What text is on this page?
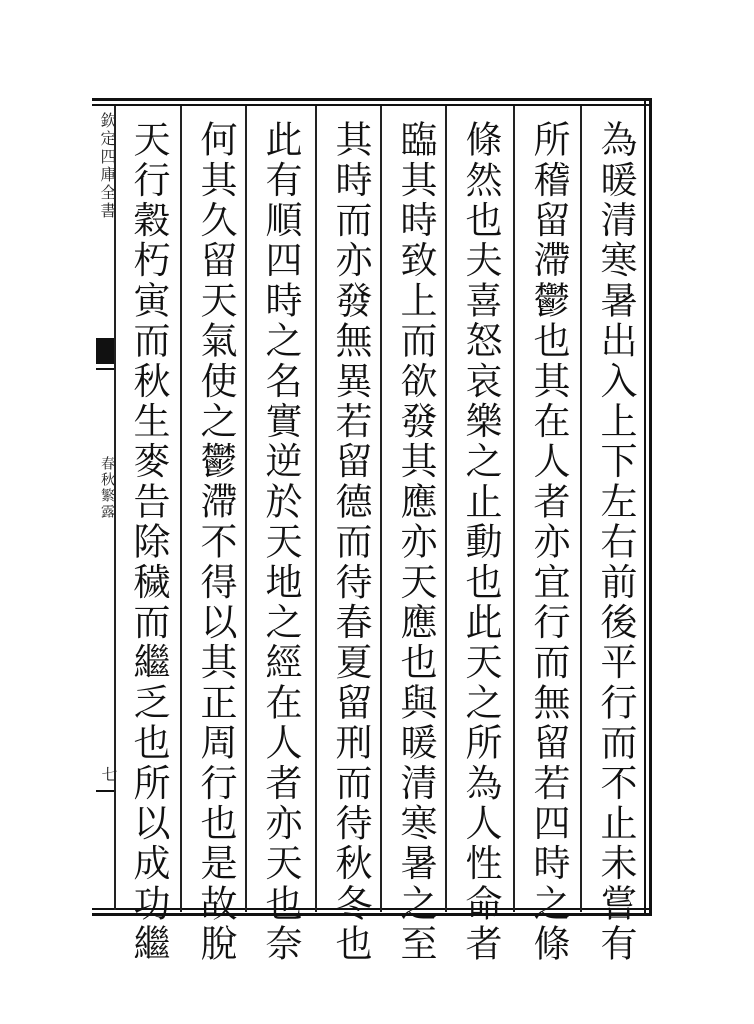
欽定四庫全書
春秋繁露
七	為暖清寒暑出入上下左右前後平行而不止未嘗有
所稽留滯鬱也其在人者亦宜行而無留若四時之條
條然也夫喜怒哀樂之止動也此天之所為人性命者
臨其時致上而欲發其應亦天應也與暖清寒暑之至
其時而亦發無異若留德而待春夏留刑而待秋冬也
此有順四時之名實逆於天地之經在人者亦天也奈
何其久留天氣使之鬱滯不得以其正周行也是故脫
天行穀朽寅而秋生麥告除穢而繼乏也所以成功繼
